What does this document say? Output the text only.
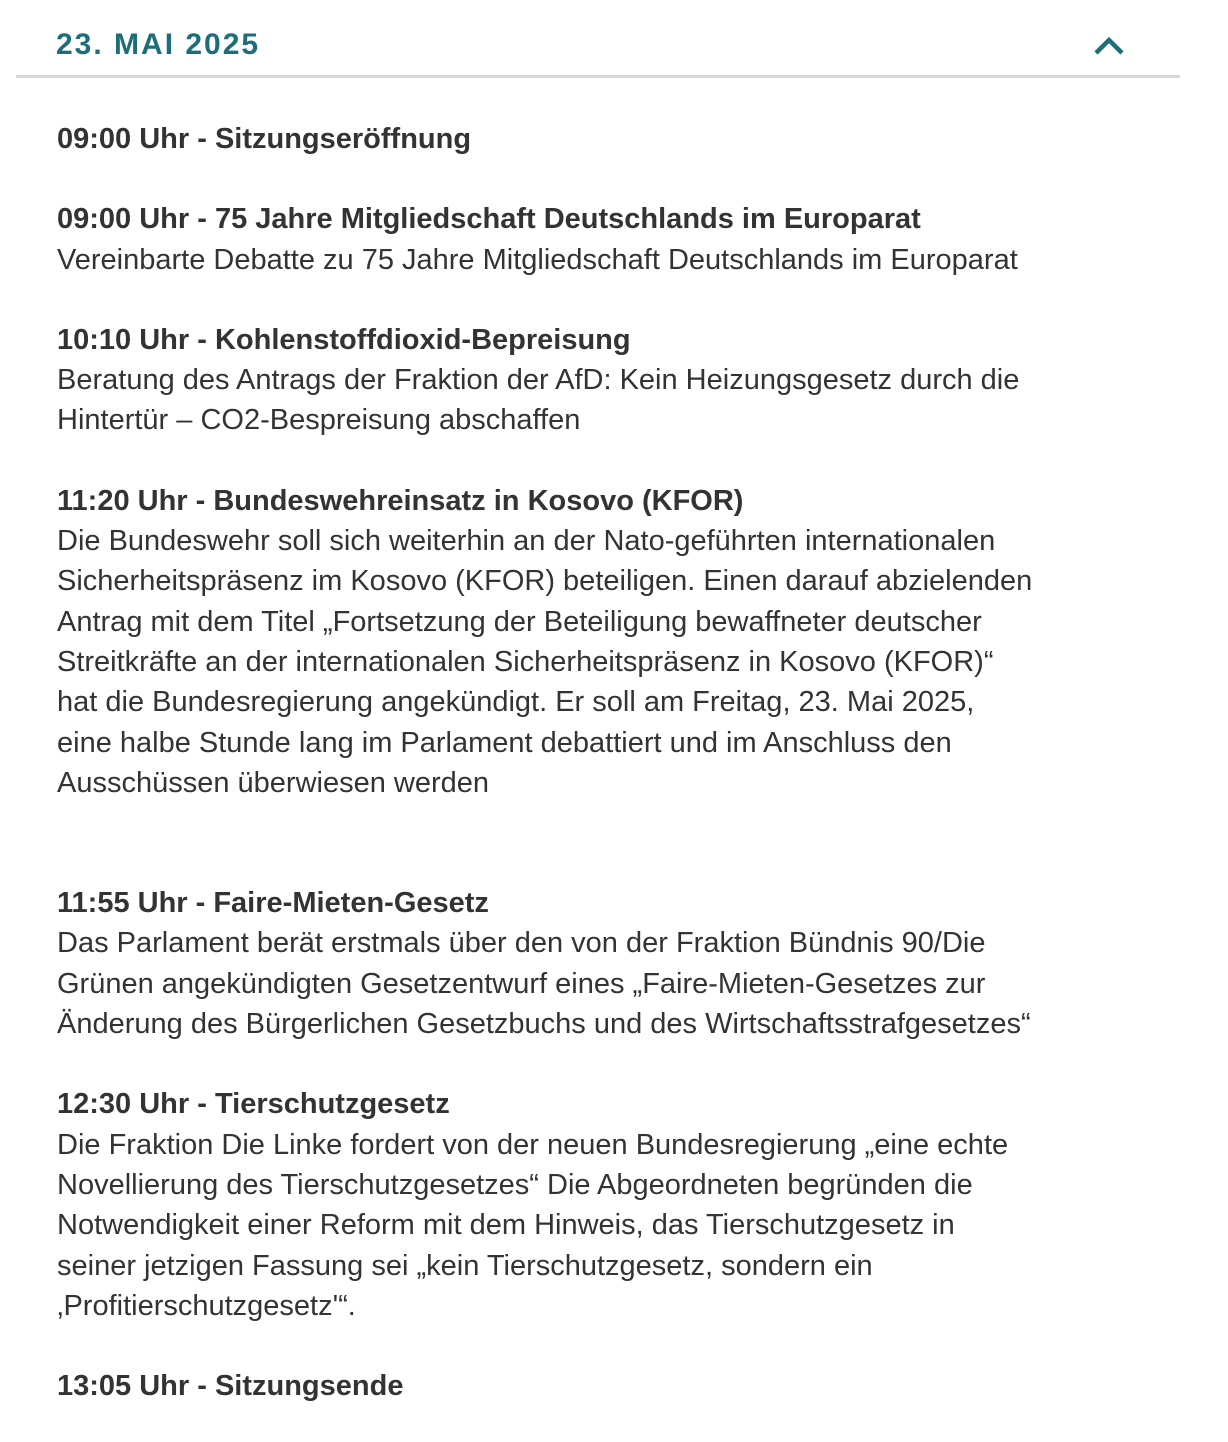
23. MAI 2025
09:00 Uhr - Sitzungseröffnung
09:00 Uhr - 75 Jahre Mitgliedschaft Deutschlands im Europarat
Vereinbarte Debatte zu 75 Jahre Mitgliedschaft Deutschlands im Europarat
10:10 Uhr - Kohlenstoffdioxid-Bepreisung
Beratung des Antrags der Fraktion der AfD: Kein Heizungsgesetz durch die
Hintertür – CO2-Bespreisung abschaffen
11:20 Uhr - Bundeswehreinsatz in Kosovo (KFOR)
Die Bundeswehr soll sich weiterhin an der Nato-geführten internationalen
Sicherheitspräsenz im Kosovo (KFOR) beteiligen. Einen darauf abzielenden
Antrag mit dem Titel „Fortsetzung der Beteiligung bewaffneter deutscher
Streitkräfte an der internationalen Sicherheitspräsenz in Kosovo (KFOR)“
hat die Bundesregierung angekündigt. Er soll am Freitag, 23. Mai 2025,
eine halbe Stunde lang im Parlament debattiert und im Anschluss den
Ausschüssen überwiesen werden
11:55 Uhr - Faire-Mieten-Gesetz
Das Parlament berät erstmals über den von der Fraktion Bündnis 90/Die
Grünen angekündigten Gesetzentwurf eines „Faire-Mieten-Gesetzes zur
Änderung des Bürgerlichen Gesetzbuchs und des Wirtschaftsstrafgesetzes“
12:30 Uhr - Tierschutzgesetz
Die Fraktion Die Linke fordert von der neuen Bundesregierung „eine echte
Novellierung des Tierschutzgesetzes“ Die Abgeordneten begründen die
Notwendigkeit einer Reform mit dem Hinweis, das Tierschutzgesetz in
seiner jetzigen Fassung sei „kein Tierschutzgesetz, sondern ein
‚Profitierschutzgesetz'“.
13:05 Uhr - Sitzungsende
